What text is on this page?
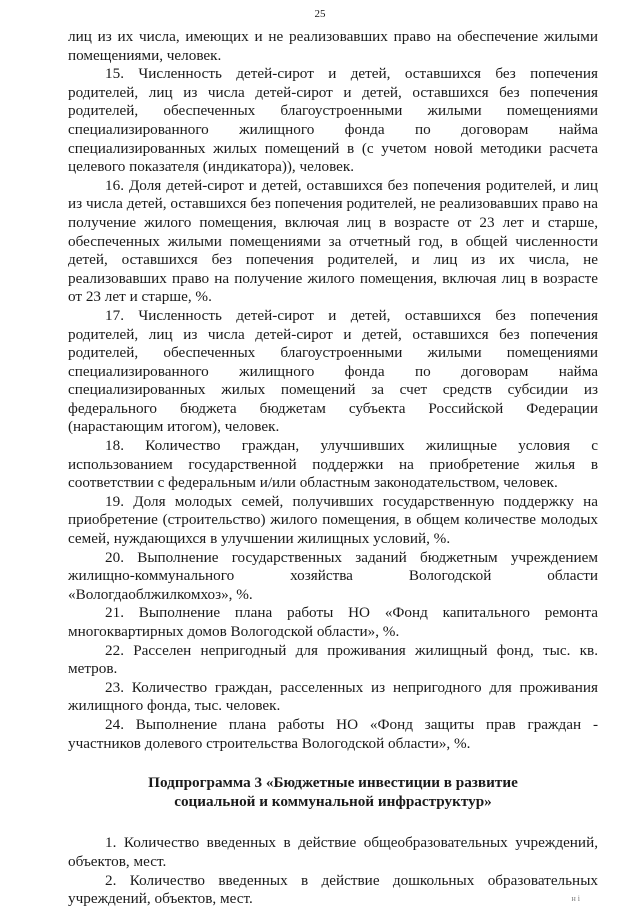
25

лиц из их числа, имеющих и не реализовавших право на обеспечение жилыми помещениями, человек.

15. Численность детей-сирот и детей, оставшихся без попечения родителей, лиц из числа детей-сирот и детей, оставшихся без попечения родителей, обеспеченных благоустроенными жилыми помещениями специализированного жилищного фонда по договорам найма специализированных жилых помещений в (с учетом новой методики расчета целевого показателя (индикатора)), человек.

16. Доля детей-сирот и детей, оставшихся без попечения родителей, и лиц из числа детей, оставшихся без попечения родителей, не реализовавших право на получение жилого помещения, включая лиц в возрасте от 23 лет и старше, обеспеченных жилыми помещениями за отчетный год, в общей численности детей, оставшихся без попечения родителей, и лиц из их числа, не реализовавших право на получение жилого помещения, включая лиц в возрасте от 23 лет и старше, %.

17. Численность детей-сирот и детей, оставшихся без попечения родителей, лиц из числа детей-сирот и детей, оставшихся без попечения родителей, обеспеченных благоустроенными жилыми помещениями специализированного жилищного фонда по договорам найма специализированных жилых помещений за счет средств субсидии из федерального бюджета бюджетам субъекта Российской Федерации (нарастающим итогом), человек.

18. Количество граждан, улучшивших жилищные условия с использованием государственной поддержки на приобретение жилья в соответствии с федеральным и/или областным законодательством, человек.

19. Доля молодых семей, получивших государственную поддержку на приобретение (строительство) жилого помещения, в общем количестве молодых семей, нуждающихся в улучшении жилищных условий, %.

20. Выполнение государственных заданий бюджетным учреждением жилищно-коммунального хозяйства Вологодской области «Вологдаоблжилкомхоз», %.

21. Выполнение плана работы НО «Фонд капитального ремонта многоквартирных домов Вологодской области», %.

22. Расселен непригодный для проживания жилищный фонд, тыс. кв. метров.

23. Количество граждан, расселенных из непригодного для проживания жилищного фонда, тыс. человек.

24. Выполнение плана работы НО «Фонд защиты прав граждан - участников долевого строительства Вологодской области», %.

Подпрограмма 3 «Бюджетные инвестиции в развитие
социальной и коммунальной инфраструктур»

1. Количество введенных в действие общеобразовательных учреждений, объектов, мест.

2. Количество введенных в действие дошкольных образовательных учреждений, объектов, мест.	н і
